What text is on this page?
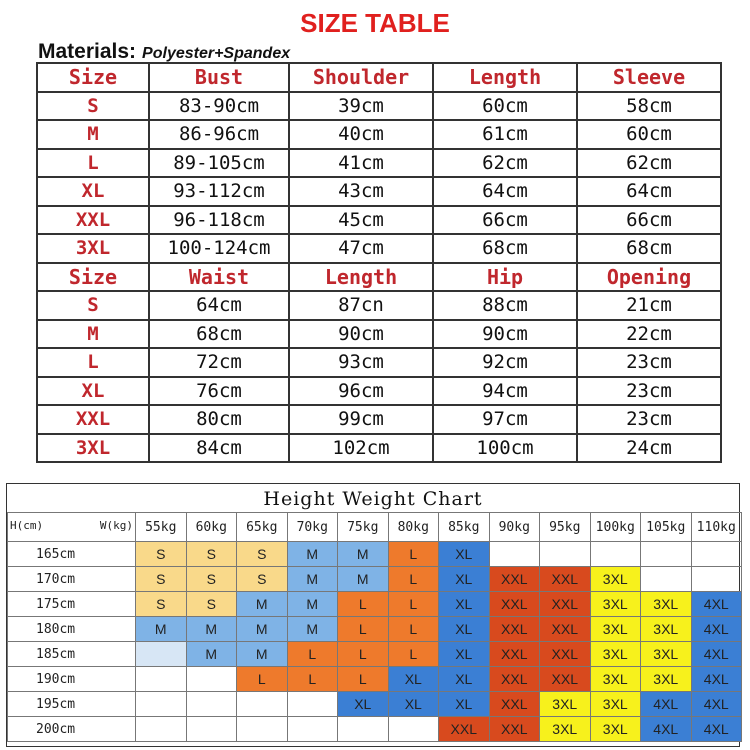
SIZE TABLE
Materials: Polyester+Spandex
Size	Bust	Shoulder	Length	Sleeve
S	83-90cm	39cm	60cm	58cm
M	86-96cm	40cm	61cm	60cm
L	89-105cm	41cm	62cm	62cm
XL	93-112cm	43cm	64cm	64cm
XXL	96-118cm	45cm	66cm	66cm
3XL	100-124cm	47cm	68cm	68cm
Size	Waist	Length	Hip	Opening
S	64cm	87cn	88cm	21cm
M	68cm	90cm	90cm	22cm
L	72cm	93cm	92cm	23cm
XL	76cm	96cm	94cm	23cm
XXL	80cm	99cm	97cm	23cm
3XL	84cm	102cm	100cm	24cm
Height Weight Chart
H(cm) W(kg)	55kg	60kg	65kg	70kg	75kg	80kg	85kg	90kg	95kg	100kg	105kg	110kg
165cm	S	S	S	M	M	L	XL					
170cm	S	S	S	M	M	L	XL	XXL	XXL	3XL		
175cm	S	S	M	M	L	L	XL	XXL	XXL	3XL	3XL	4XL
180cm	M	M	M	M	L	L	XL	XXL	XXL	3XL	3XL	4XL
185cm		M	M	L	L	L	XL	XXL	XXL	3XL	3XL	4XL
190cm			L	L	L	XL	XL	XXL	XXL	3XL	3XL	4XL
195cm					XL	XL	XL	XXL	3XL	3XL	4XL	4XL
200cm							XXL	XXL	3XL	3XL	4XL	4XL
